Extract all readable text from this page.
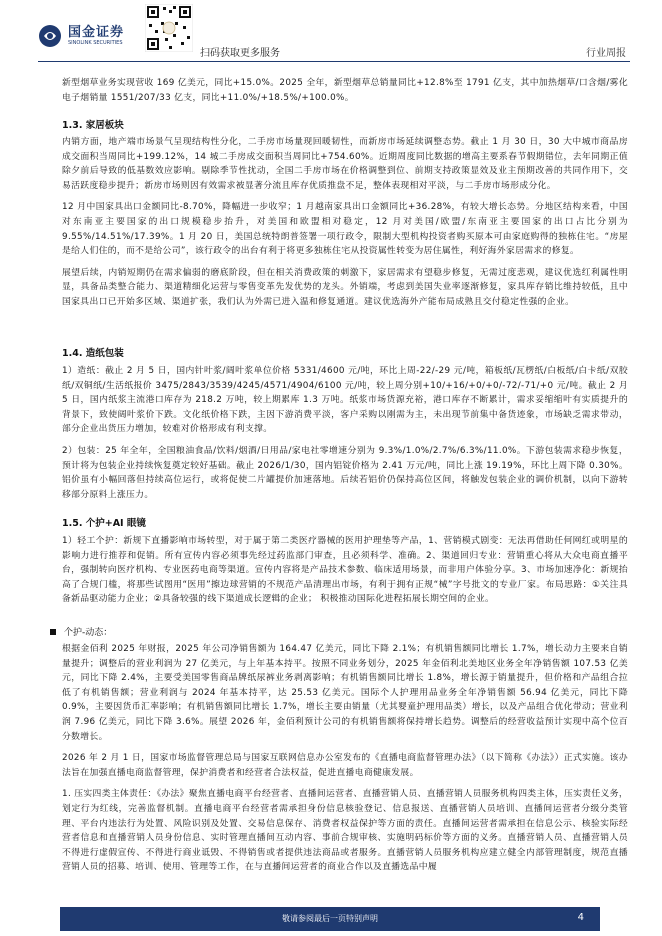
国金证券
SINOLINK SECURITIES
扫码获取更多服务	行业周报

新型烟草业务实现营收 169 亿美元，同比+15.0%。2025 全年，新型烟草总销量同比+12.8%至 1791 亿支，其中加热烟草/口含烟/雾化电子烟销量 1551/207/33 亿支，同比+11.0%/+18.5%/+100.0%。

1.3. 家居板块

内销方面，地产端市场景气呈现结构性分化，二手房市场量现回暖韧性，而新房市场延续调整态势。截止 1 月 30 日，30 大中城市商品房成交面积当周同比+199.12%，14 城二手房成交面积当周同比+754.60%。近期周度同比数据的增高主要系春节假期错位，去年同期正值除夕前后导致的低基数效应影响。剔除季节性扰动，全国二手房市场在价格调整到位、前期支持政策显效及业主预期改善的共同作用下，交易活跃度稳步提升；新房市场则因有效需求被显著分流且库存优质推盘不足，整体表现相对平淡，与二手房市场形成分化。

12 月中国家具出口金额同比-8.70%，降幅进一步收窄；1 月越南家具出口金额同比+36.28%，有较大增长态势。分地区结构来看，中国对东南亚主要国家的出口规模稳步抬升，对美国和欧盟相对稳定，12 月对美国/欧盟/东南亚主要国家的出口占比分别为 9.55%/14.51%/17.39%。1 月 20 日，美国总统特朗普签署一项行政令，限制大型机构投资者购买原本可由家庭购得的独栋住宅。“房屋是给人们住的，而不是给公司”，该行政令的出台有利于将更多独栋住宅从投资属性转变为居住属性，利好海外家居需求的修复。

展望后续，内销短期仍在需求偏弱的磨底阶段，但在相关消费政策的刺激下，家居需求有望稳步修复，无需过度悲观，建议优选红利属性明显，具备品类整合能力、渠道精细化运营与零售变革先发优势的龙头。外销端，考虑到美国失业率逐渐修复，家具库存销比维持较低，且中国家具出口已开始多区域、渠道扩张，我们认为外需已进入温和修复通道。建议优选海外产能布局成熟且交付稳定性强的企业。

1.4. 造纸包装

1）造纸：截止 2 月 5 日，国内针叶浆/阔叶浆单位价格 5331/4600 元/吨，环比上周-22/-29 元/吨，箱板纸/瓦楞纸/白板纸/白卡纸/双胶纸/双铜纸/生活纸报价 3475/2843/3539/4245/4571/4904/6100 元/吨，较上周分别+10/+16/+0/+0/-72/-71/+0 元/吨。截止 2 月 5 日，国内纸浆主流港口库存为 218.2 万吨，较上期累库 1.3 万吨。纸浆市场货源充裕，港口库存不断累计，需求妥缩缩叶有实质提升的背景下，致使阔叶浆价下跌。文化纸价格下跌，主因下游消费平淡，客户采购以刚需为主，未出现节前集中备货迹象，市场缺乏需求带动，部分企业出货压力增加，较难对价格形成有利支撑。

2）包装：25 年全年，全国粮油食品/饮料/烟酒/日用品/家电社零增速分别为 9.3%/1.0%/2.7%/6.3%/11.0%。下游包装需求稳步恢复，预计将为包装企业持续恢复奠定较好基础。截止 2026/1/30，国内铝锭价格为 2.41 万元/吨，同比上涨 19.19%，环比上周下降 0.30%。铝价虽有小幅回落但持续高位运行，或将促使二片罐提价加速落地。后续若铝价仍保持高位区间，将触发包装企业的调价机制，以向下游转移部分原料上涨压力。

1.5. 个护+AI 眼镜

1）轻工个护：新规下直播影响市场转型，对于属于第二类医疗器械的医用护理垫等产品，1、营销模式剧变：无法再借助任何网红或明星的影响力进行推荐和促销。所有宣传内容必须事先经过药监部门审查，且必须科学、准确。2、渠道回归专业：营销重心将从大众电商直播平台，强制转向医疗机构、专业医药电商等渠道。宣传内容将是产品技术参数、临床适用场景，而非用户体验分享。3、市场加速净化：新规抬高了合规门槛，将那些试图用“医用”擦边球营销的不规范产品清理出市场，有利于拥有正规“械”字号批文的专业厂家。布局思路：①关注具备新品驱动能力企业；②具备较强的线下渠道成长逻辑的企业； 积极推动国际化进程拓展长期空间的企业。

个护-动态：

根据金佰利 2025 年财报，2025 年公司净销售额为 164.47 亿美元，同比下降 2.1%；有机销售额同比增长 1.7%，增长动力主要来自销量提升；调整后的营业利润为 27 亿美元，与上年基本持平。按照不同业务划分，2025 年金佰利北美地区业务全年净销售额 107.53 亿美元，同比下降 2.4%，主要受美国零售商品牌纸尿裤业务剥离影响；有机销售额同比增长 1.8%，增长源于销量提升，但价格和产品组合拉低了有机销售额；营业利润与 2024 年基本持平，达 25.53 亿美元。国际个人护理用品业务全年净销售额 56.94 亿美元，同比下降 0.9%，主要因货币汇率影响；有机销售额同比增长 1.7%，增长主要由销量（尤其婴童护理用品类）增长，以及产品组合优化带动；营业利润 7.96 亿美元，同比下降 3.6%。展望 2026 年，金佰利预计公司的有机销售额将保持增长趋势。调整后的经营收益预计实现中高个位百分数增长。

2026 年 2 月 1 日，国家市场监督管理总局与国家互联网信息办公室发布的《直播电商监督管理办法》（以下简称《办法》）正式实施。该办法旨在加强直播电商监督管理，保护消费者和经营者合法权益，促进直播电商健康发展。

1. 压实四类主体责任：《办法》聚焦直播电商平台经营者、直播间运营者、直播营销人员、直播营销人员服务机构四类主体，压实责任义务，划定行为红线，完善监督机制。直播电商平台经营者需承担身份信息核验登记、信息报送、直播营销人员培训、直播间运营者分级分类管理、平台内违法行为处置、风险识别及处置、交易信息保存、消费者权益保护等方面的责任。直播间运营者需承担在信息公示、核验实际经营者信息和直播营销人员身份信息、实时管理直播间互动内容、事前合规审核、实施明码标价等方面的义务。直播营销人员、直播营销人员不得进行虚假宣传、不得进行商业诋毁、不得销售或者提供违法商品或者服务。直播营销人员服务机构应建立健全内部管理制度，规范直播营销人员的招募、培训、使用、管理等工作，在与直播间运营者的商业合作以及直播选品中履

敬请参阅最后一页特别声明	4
